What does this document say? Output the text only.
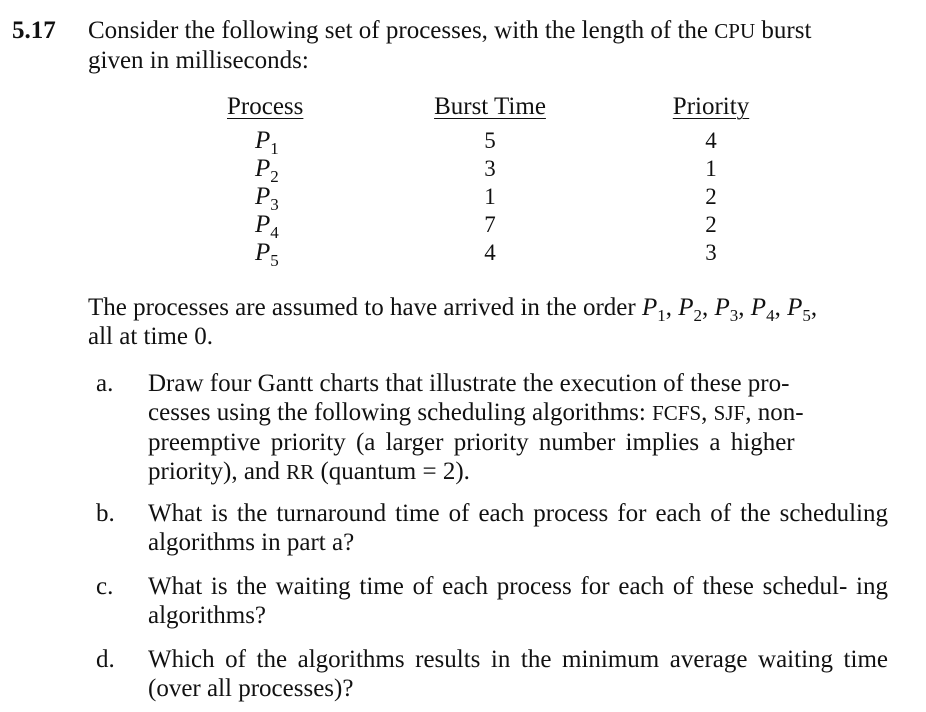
5.17 Consider the following set of processes, with the length of the CPU burst
given in milliseconds:
Process
$P_1$
$P_2$
$P_3$
$P_4$
$P_5$
Burst Time
5
3
1
7
4
Priority
4
1
2
2
3
The processes are assumed to have arrived in the order $P_1$, $P_2$, $P_3$, $P_4$, $P_5$,
all at time 0.
a. Draw four Gantt charts that illustrate the execution of these pro-
cesses using the following scheduling algorithms: FCFS, SJF, non-
preemptive priority (a larger priority number implies a higher
priority), and RR (quantum = 2).
b. What is the turnaround time of each process for each of the scheduling algorithms in part a?
c. What is the waiting time of each process for each of these schedul- ing algorithms?
d. Which of the algorithms results in the minimum average waiting time (over all processes)?
